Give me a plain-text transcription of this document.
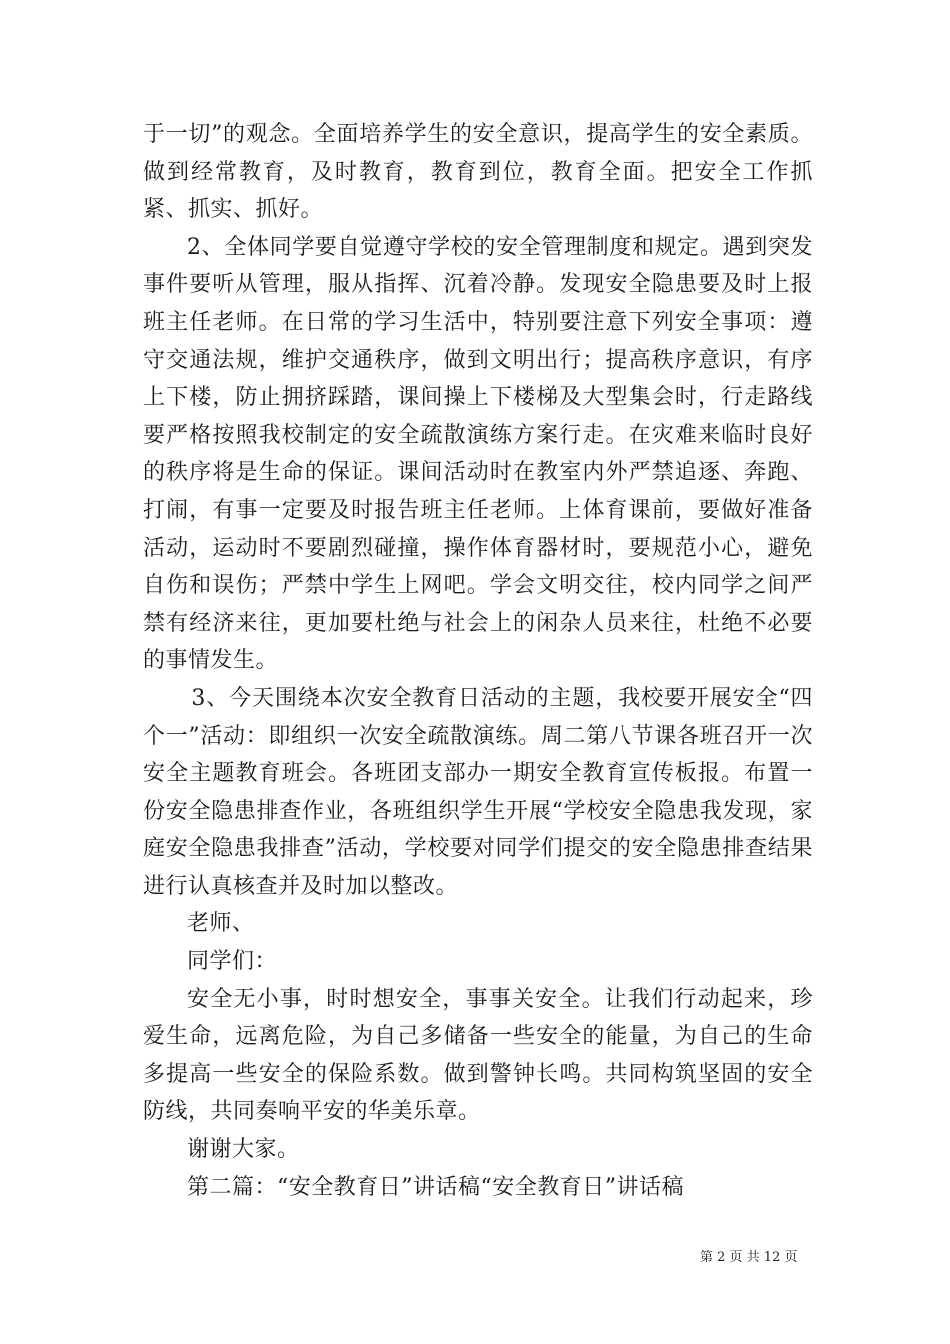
于一切”的观念。全面培养学生的安全意识，提高学生的安全素质。做到经常教育，及时教育，教育到位，教育全面。把安全工作抓紧、抓实、抓好。

2、全体同学要自觉遵守学校的安全管理制度和规定。遇到突发事件要听从管理，服从指挥、沉着冷静。发现安全隐患要及时上报班主任老师。在日常的学习生活中，特别要注意下列安全事项：遵守交通法规，维护交通秩序，做到文明出行；提高秩序意识，有序上下楼，防止拥挤踩踏，课间操上下楼梯及大型集会时，行走路线要严格按照我校制定的安全疏散演练方案行走。在灾难来临时良好的秩序将是生命的保证。课间活动时在教室内外严禁追逐、奔跑、打闹，有事一定要及时报告班主任老师。上体育课前，要做好准备活动，运动时不要剧烈碰撞，操作体育器材时，要规范小心，避免自伤和误伤；严禁中学生上网吧。学会文明交往，校内同学之间严禁有经济来往，更加要杜绝与社会上的闲杂人员来往，杜绝不必要的事情发生。

3、今天围绕本次安全教育日活动的主题，我校要开展安全“四个一”活动：即组织一次安全疏散演练。周二第八节课各班召开一次安全主题教育班会。各班团支部办一期安全教育宣传板报。布置一份安全隐患排查作业，各班组织学生开展“学校安全隐患我发现，家庭安全隐患我排查”活动，学校要对同学们提交的安全隐患排查结果进行认真核查并及时加以整改。

老师、

同学们：

安全无小事，时时想安全，事事关安全。让我们行动起来，珍爱生命，远离危险，为自己多储备一些安全的能量，为自己的生命多提高一些安全的保险系数。做到警钟长鸣。共同构筑坚固的安全防线，共同奏响平安的华美乐章。

谢谢大家。

第二篇：“安全教育日”讲话稿“安全教育日”讲话稿

第 2 页 共 12 页
